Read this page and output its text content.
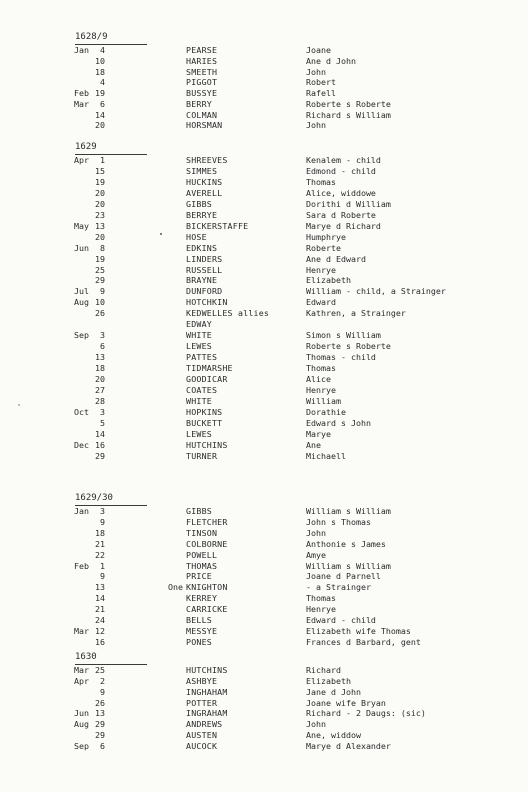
1628/9
Jan	4	PEARSE	Joane
10	HARIES	Ane d John
18	SMEETH	John
4	PIGGOT	Robert
Feb 19	BUSSYE	Rafell
Mar	6	BERRY	Roberte s Roberte
14	COLMAN	Richard s William
20	HORSMAN	John
1629
Apr	1	SHREEVES	Kenalem - child
15	SIMMES	Edmond - child
19	HUCKINS	Thomas
20	AVERELL	Alice, widdowe
20	GIBBS	Dorithi d William
23	BERRYE	Sara d Roberte
May 13	BICKERSTAFFE	Marye d Richard
20	HOSE	Humphrye
Jun	8	EDKINS	Roberte
19	LINDERS	Ane d Edward
25	RUSSELL	Henrye
29	BRAYNE	Elizabeth
Jul	9	DUNFORD	William - child, a Strainger
Aug 10	HOTCHKIN	Edward
26	KEDWELLES allies	Kathren, a Strainger
EDWAY
Sep	3	WHITE	Simon s William
6	LEWES	Roberte s Roberte
13	PATTES	Thomas - child
18	TIDMARSHE	Thomas
20	GOODICAR	Alice
27	COATES	Henrye
28	WHITE	William
Oct	3	HOPKINS	Dorathie
5	BUCKETT	Edward s John
14	LEWES	Marye
Dec 16	HUTCHINS	Ane
29	TURNER	Michaell
1629/30
Jan	3	GIBBS	William s William
9	FLETCHER	John s Thomas
18	TINSON	John
21	COLBORNE	Anthonie s James
22	POWELL	Amye
Feb	1	THOMAS	William s William
9	PRICE	Joane d Parnell
13	One KNIGHTON	- a Strainger
14	KERREY	Thomas
21	CARRICKE	Henrye
24	BELLS	Edward - child
Mar 12	MESSYE	Elizabeth wife Thomas
16	PONES	Frances d Barbard, gent
1630
Mar 25	HUTCHINS	Richard
Apr	2	ASHBYE	Elizabeth
9	INGHAHAM	Jane d John
26	POTTER	Joane wife Bryan
Jun 13	INGRAHAM	Richard - 2 Daugs: (sic)
Aug 29	ANDREWS	John
29	AUSTEN	Ane, widdow
Sep	6	AUCOCK	Marye d Alexander
